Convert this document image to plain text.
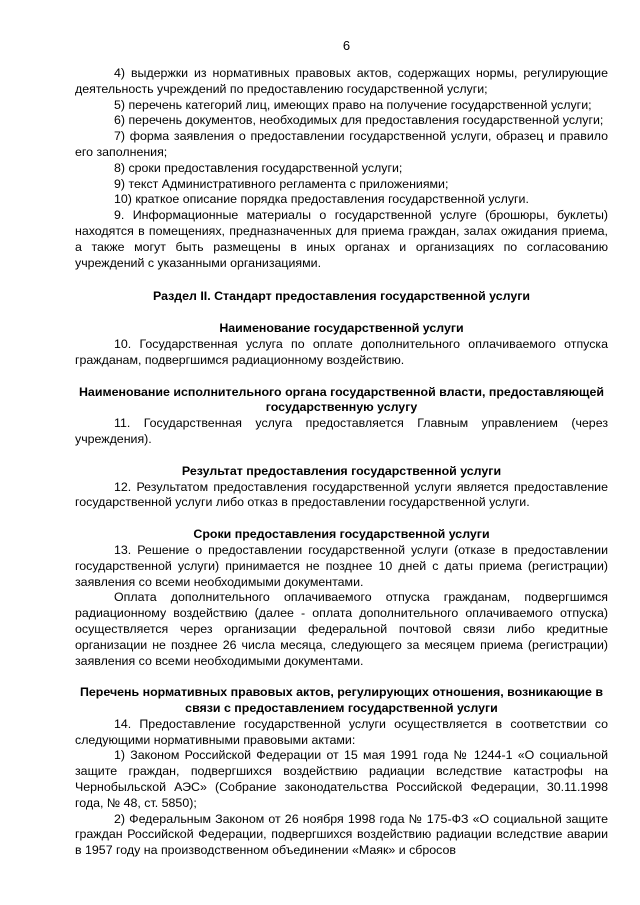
6

4) выдержки из нормативных правовых актов, содержащих нормы, регулирующие деятельность учреждений по предоставлению государственной услуги;

5) перечень категорий лиц, имеющих право на получение государственной услуги;

6) перечень документов, необходимых для предоставления государственной услуги;

7) форма заявления о предоставлении государственной услуги, образец и правило его заполнения;

8) сроки предоставления государственной услуги;

9) текст Административного регламента с приложениями;

10) краткое описание порядка предоставления государственной услуги.

9. Информационные материалы о государственной услуге (брошюры, буклеты) находятся в помещениях, предназначенных для приема граждан, залах ожидания приема, а также могут быть размещены в иных органах и организациях по согласованию учреждений с указанными организациями.

Раздел II. Стандарт предоставления государственной услуги
Наименование государственной услуги

10. Государственная услуга по оплате дополнительного оплачиваемого отпуска гражданам, подвергшимся радиационному воздействию.

Наименование исполнительного органа государственной власти, предоставляющей государственную услугу

11. Государственная услуга предоставляется Главным управлением (через учреждения).

Результат предоставления государственной услуги

12. Результатом предоставления государственной услуги является предоставление государственной услуги либо отказ в предоставлении государственной услуги.

Сроки предоставления государственной услуги

13. Решение о предоставлении государственной услуги (отказе в предоставлении государственной услуги) принимается не позднее 10 дней с даты приема (регистрации) заявления со всеми необходимыми документами.

Оплата дополнительного оплачиваемого отпуска гражданам, подвергшимся радиационному воздействию (далее - оплата дополнительного оплачиваемого отпуска) осуществляется через организации федеральной почтовой связи либо кредитные организации не позднее 26 числа месяца, следующего за месяцем приема (регистрации) заявления со всеми необходимыми документами.

Перечень нормативных правовых актов, регулирующих отношения, возникающие в связи с предоставлением государственной услуги

14. Предоставление государственной услуги осуществляется в соответствии со следующими нормативными правовыми актами:

1) Законом Российской Федерации от 15 мая 1991 года № 1244-1 «О социальной защите граждан, подвергшихся воздействию радиации вследствие катастрофы на Чернобыльской АЭС» (Собрание законодательства Российской Федерации, 30.11.1998 года, № 48, ст. 5850);

2) Федеральным Законом от 26 ноября 1998 года № 175-ФЗ «О социальной защите граждан Российской Федерации, подвергшихся воздействию радиации вследствие аварии в 1957 году на производственном объединении «Маяк» и сбросов
